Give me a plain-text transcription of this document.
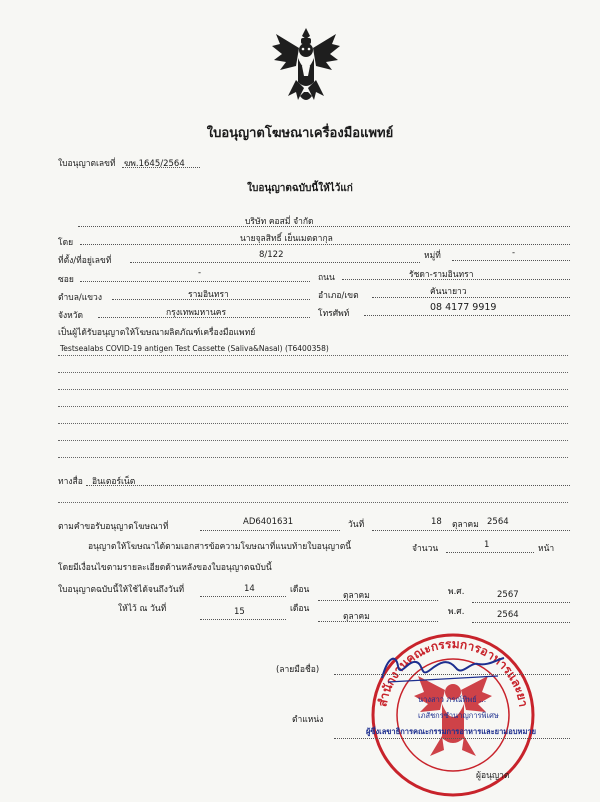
ใบอนุญาตโฆษณาเครื่องมือแพทย์
ใบอนุญาตเลขที่ ฆพ.1645/2564
ใบอนุญาตฉบับนี้ให้ไว้แก่
บริษัท คอสมี่ จำกัด
โดย	นายจุลสิทธิ์ เย็นเมตตากุล
ที่ตั้ง/ที่อยู่เลขที่
8/122	หมู่ที่	-
ซอย
-	ถนน	รัชดา-รามอินทรา
ตำบล/แขวง	รามอินทรา	อำเภอ/เขต	คันนายาว
จังหวัด	กรุงเทพมหานคร	โทรศัพท์
08 4177 9919
เป็นผู้ได้รับอนุญาตให้โฆษณาผลิตภัณฑ์เครื่องมือแพทย์
Testsealabs COVID-19 antigen Test Cassette (Saliva&Nasal) (T6400358)
ทางสื่อ อินเตอร์เน็ต
ตามคำขอรับอนุญาตโฆษณาที่	AD6401631	วันที่	18 ตุลาคม 2564
อนุญาตให้โฆษณาได้ตามเอกสารข้อความโฆษณาที่แนบท้ายใบอนุญาตนี้	จำนวน	1	หน้า
โดยมีเงื่อนไขตามรายละเอียดด้านหลังของใบอนุญาตฉบับนี้
ใบอนุญาตฉบับนี้ให้ใช้ได้จนถึงวันที่	14	เดือน
ตุลาคม	พ.ศ.	2567
ให้ไว้ ณ วันที่	15	เดือน
ตุลาคม	พ.ศ.	2564
สำนักงานคณะกรรมการอาหารและยา
(ลายมือชื่อ)
นางสาว ภรณ์ทิพย์ ...
ตำแหน่ง	เภสัชกรชำนาญการพิเศษ
ผู้ซึ่งเลขาธิการคณะกรรมการอาหารและยามอบหมาย
ผู้อนุญาต
